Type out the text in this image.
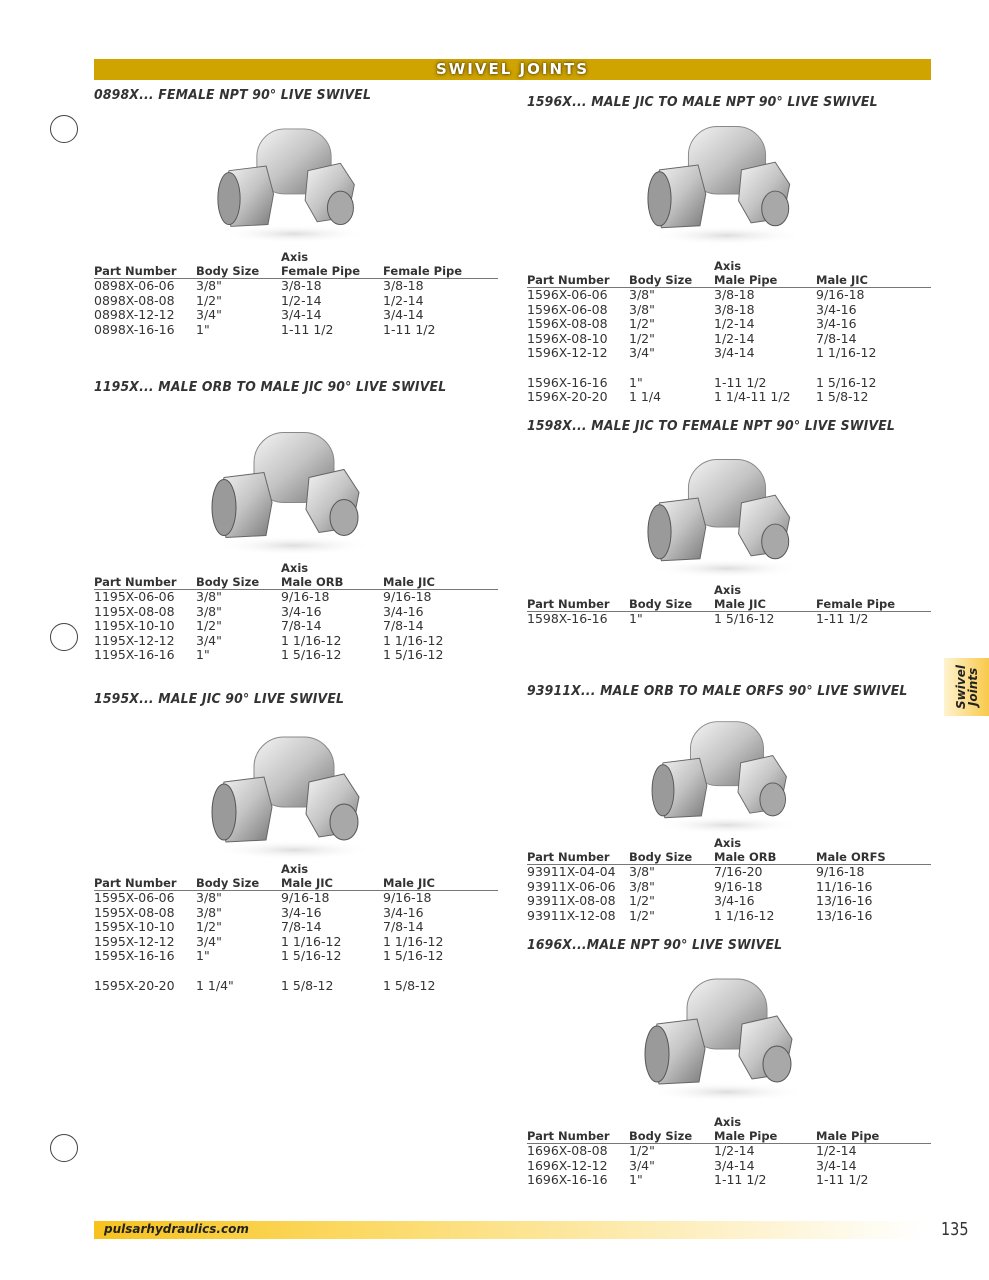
SWIVEL JOINTS
0898X... FEMALE NPT 90° LIVE SWIVEL
Axis
Part Number Body Size Female Pipe Female Pipe
0898X-06-06 3/8"	3/8-18	3/8-18
0898X-08-08 1/2"	1/2-14	1/2-14
0898X-12-12 3/4"	3/4-14	3/4-14
0898X-16-16 1"	1-11 1/2	1-11 1/2
1195X... MALE ORB TO MALE JIC 90° LIVE SWIVEL
Axis
Part Number Body Size Male ORB	Male JIC
1195X-06-06 3/8"	9/16-18	9/16-18
1195X-08-08 3/8"	3/4-16	3/4-16
1195X-10-10 1/2"	7/8-14	7/8-14
1195X-12-12 3/4"	1 1/16-12	1 1/16-12
1195X-16-16 1"	1 5/16-12	1 5/16-12
1595X... MALE JIC 90° LIVE SWIVEL
Axis
Part Number Body Size Male JIC	Male JIC
1595X-06-06 3/8"	9/16-18	9/16-18
1595X-08-08 3/8"	3/4-16	3/4-16
1595X-10-10 1/2"	7/8-14	7/8-14
1595X-12-12 3/4"	1 1/16-12	1 1/16-12
1595X-16-16 1"	1 5/16-12	1 5/16-12
1595X-20-20 1 1/4"	1 5/8-12	1 5/8-12
1596X... MALE JIC TO MALE NPT 90° LIVE SWIVEL
Axis
Part Number Body Size Male Pipe	Male JIC
1596X-06-06 3/8"	3/8-18	9/16-18
1596X-06-08 3/8"	3/8-18	3/4-16
1596X-08-08 1/2"	1/2-14	3/4-16
1596X-08-10 1/2"	1/2-14	7/8-14
1596X-12-12 3/4"	3/4-14	1 1/16-12
1596X-16-16 1"	1-11 1/2	1 5/16-12
1596X-20-20 1 1/4	1 1/4-11 1/2 1 5/8-12
1598X... MALE JIC TO FEMALE NPT 90° LIVE SWIVEL
Axis
Part Number Body Size Male JIC	Female Pipe
1598X-16-16 1"	1 5/16-12	1-11 1/2
93911X... MALE ORB TO MALE ORFS 90° LIVE SWIVEL
Axis
Part Number Body Size Male ORB	Male ORFS
93911X-04-04 3/8"	7/16-20	9/16-18
93911X-06-06 3/8"	9/16-18	11/16-16
93911X-08-08 1/2"	3/4-16	13/16-16
93911X-12-08 1/2"	1 1/16-12	13/16-16
1696X...MALE NPT 90° LIVE SWIVEL
Axis
Part Number Body Size Male Pipe	Male Pipe
1696X-08-08 1/2"	1/2-14	1/2-14
1696X-12-12 3/4"	3/4-14	3/4-14
1696X-16-16 1"	1-11 1/2	1-11 1/2
Swivel
Joints
pulsarhydraulics.com	135
